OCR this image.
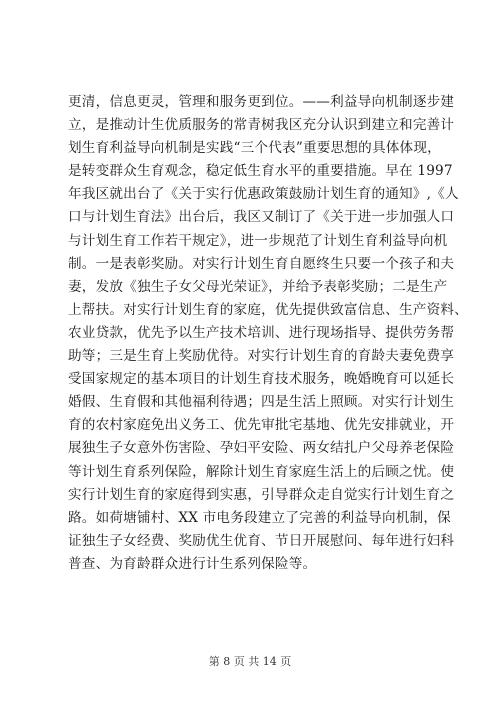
更清，信息更灵，管理和服务更到位。——利益导向机制逐步建
立，是推动计生优质服务的常青树我区充分认识到建立和完善计
划生育利益导向机制是实践“三个代表”重要思想的具体体现，
是转变群众生育观念，稳定低生育水平的重要措施。早在 1997
年我区就出台了《关于实行优惠政策鼓励计划生育的通知》,《人
口与计划生育法》出台后，我区又制订了《关于进一步加强人口
与计划生育工作若干规定》，进一步规范了计划生育利益导向机
制。一是表彰奖励。对实行计划生育自愿终生只要一个孩子和夫
妻，发放《独生子女父母光荣证》，并给予表彰奖励；二是生产
上帮扶。对实行计划生育的家庭，优先提供致富信息、生产资料、
农业贷款，优先予以生产技术培训、进行现场指导、提供劳务帮
助等；三是生育上奖励优待。对实行计划生育的育龄夫妻免费享
受国家规定的基本项目的计划生育技术服务，晚婚晚育可以延长
婚假、生育假和其他福利待遇；四是生活上照顾。对实行计划生
育的农村家庭免出义务工、优先审批宅基地、优先安排就业，开
展独生子女意外伤害险、孕妇平安险、两女结扎户父母养老保险
等计划生育系列保险，解除计划生育家庭生活上的后顾之忧。使
实行计划生育的家庭得到实惠，引导群众走自觉实行计划生育之
路。如荷塘铺村、XX 市电务段建立了完善的利益导向机制，保
证独生子女经费、奖励优生优育、节日开展慰问、每年进行妇科
普查、为育龄群众进行计生系列保险等。
第 8 页 共 14 页
